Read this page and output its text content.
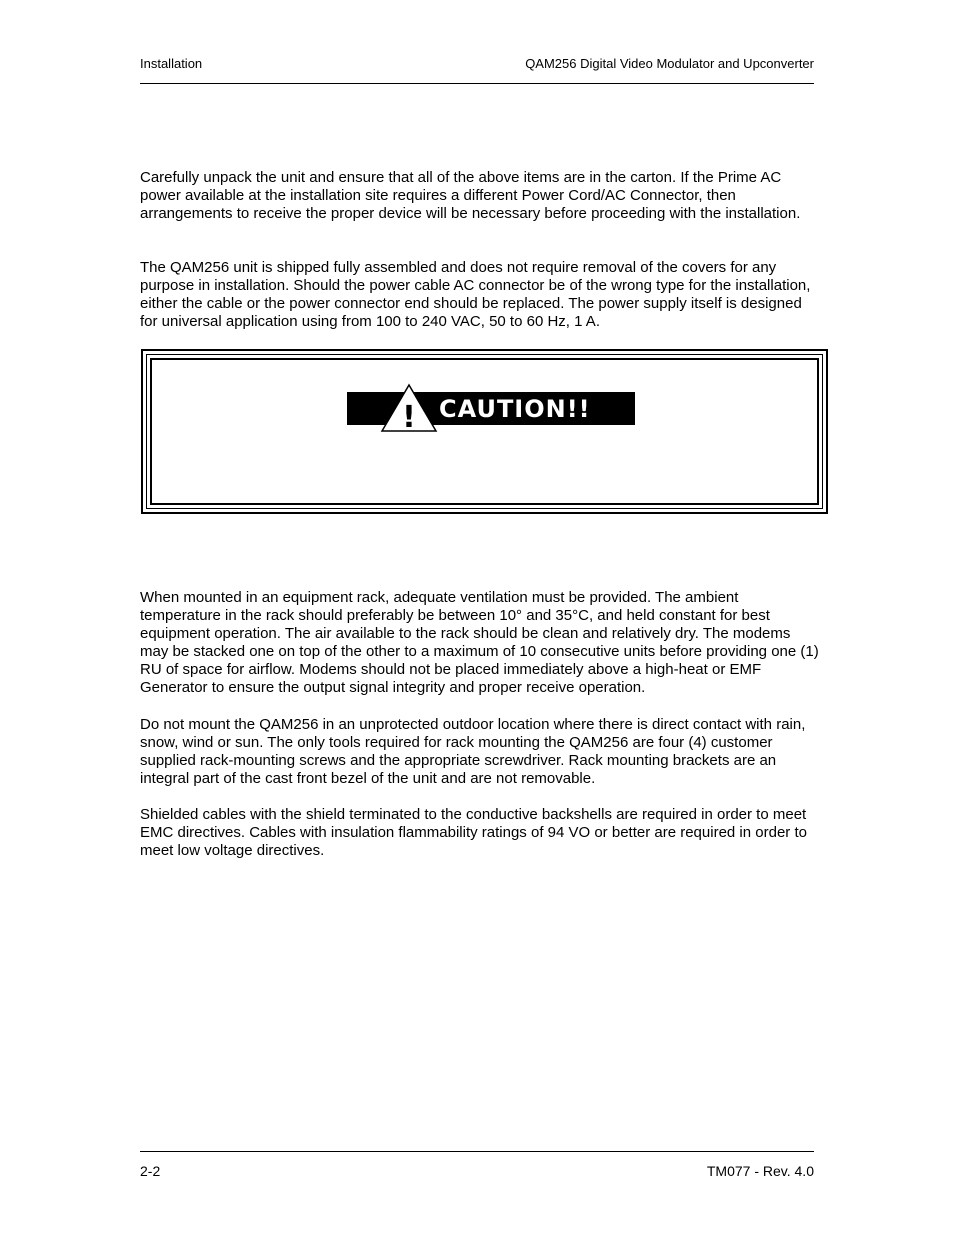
Installation	QAM256 Digital Video Modulator and Upconverter

Carefully unpack the unit and ensure that all of the above items are in the carton. If the Prime AC power available at the installation site requires a different Power Cord/AC Connector, then arrangements to receive the proper device will be necessary before proceeding with the installation.

The QAM256 unit is shipped fully assembled and does not require removal of the covers for any purpose in installation. Should the power cable AC connector be of the wrong type for the installation, either the cable or the power connector end should be replaced. The power supply itself is designed for universal application using from 100 to 240 VAC, 50 to 60 Hz, 1 A.

CAUTION!!
!

When mounted in an equipment rack, adequate ventilation must be provided. The ambient temperature in the rack should preferably be between 10° and 35°C, and held constant for best equipment operation. The air available to the rack should be clean and relatively dry. The modems may be stacked one on top of the other to a maximum of 10 consecutive units before providing one (1) RU of space for airflow. Modems should not be placed immediately above a high-heat or EMF Generator to ensure the output signal integrity and proper receive operation.

Do not mount the QAM256 in an unprotected outdoor location where there is direct contact with rain, snow, wind or sun. The only tools required for rack mounting the QAM256 are four (4) customer supplied rack-mounting screws and the appropriate screwdriver. Rack mounting brackets are an integral part of the cast front bezel of the unit and are not removable.

Shielded cables with the shield terminated to the conductive backshells are required in order to meet EMC directives. Cables with insulation flammability ratings of 94 VO or better are required in order to meet low voltage directives.

2-2	TM077 - Rev. 4.0
